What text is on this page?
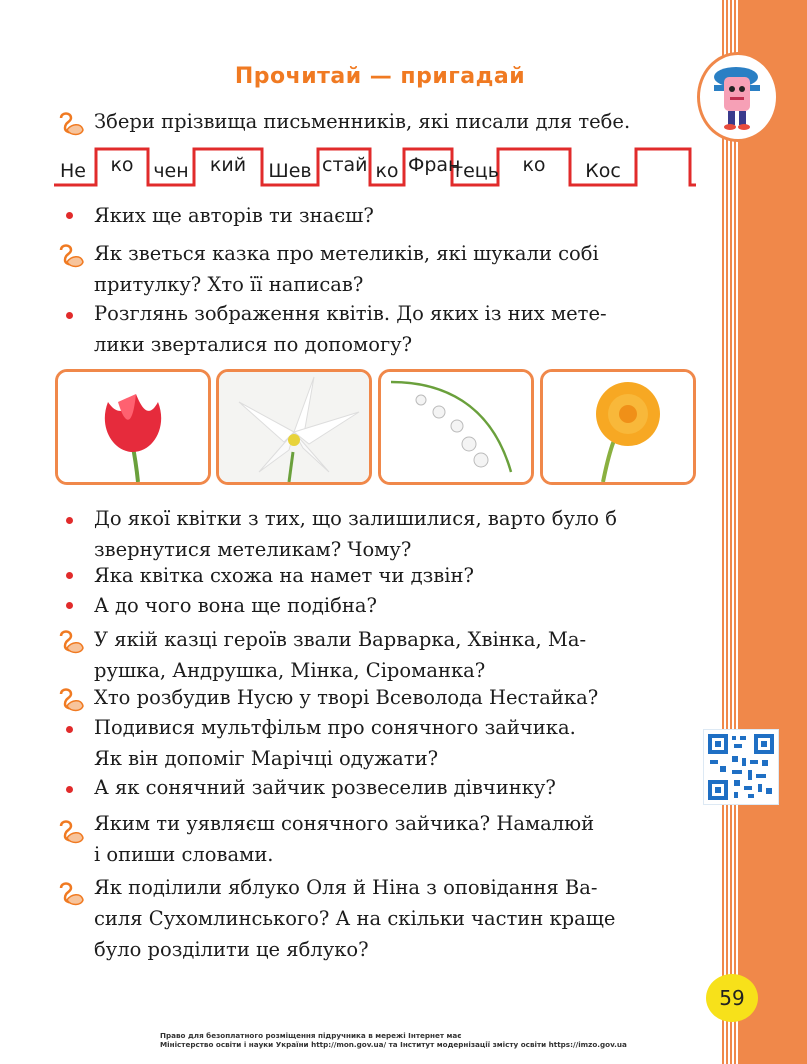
Прочитай — пригадай
Збери прізвища письменників, які писали для тебе.
Не	ко	чен	кий	Шев стай ко Фран
тець	ко	Кос
Яких ще авторів ти знаєш?
Як зветься казка про метеликів, які шукали собі
притулку? Хто її написав?
Розглянь зображення квітів. До яких із них мете-
лики зверталися по допомогу?
До якої квітки з тих, що залишилися, варто було б
звернутися метеликам? Чому?
Яка квітка схожа на намет чи дзвін?
А до чого вона ще подібна?
У якій казці героїв звали Варварка, Хвінка, Ма-
рушка, Андрушка, Мінка, Сіроманка?
Хто розбудив Нусю у творі Всеволода Нестайка?
Подивися мультфільм про сонячного зайчика.
Як він допоміг Марічці одужати?
А як сонячний зайчик розвеселив дівчинку?
Яким ти уявляєш сонячного зайчика? Намалюй
і опиши словами.
Як поділили яблуко Оля й Ніна з оповідання Ва-
силя Сухомлинського? А на скільки частин краще
було розділити це яблуко?
59
Право для безоплатного розміщення підручника в мережі Інтернет має
Міністерство освіти і науки України http://mon.gov.ua/ та Інститут модернізації змісту освіти https://imzo.gov.ua
